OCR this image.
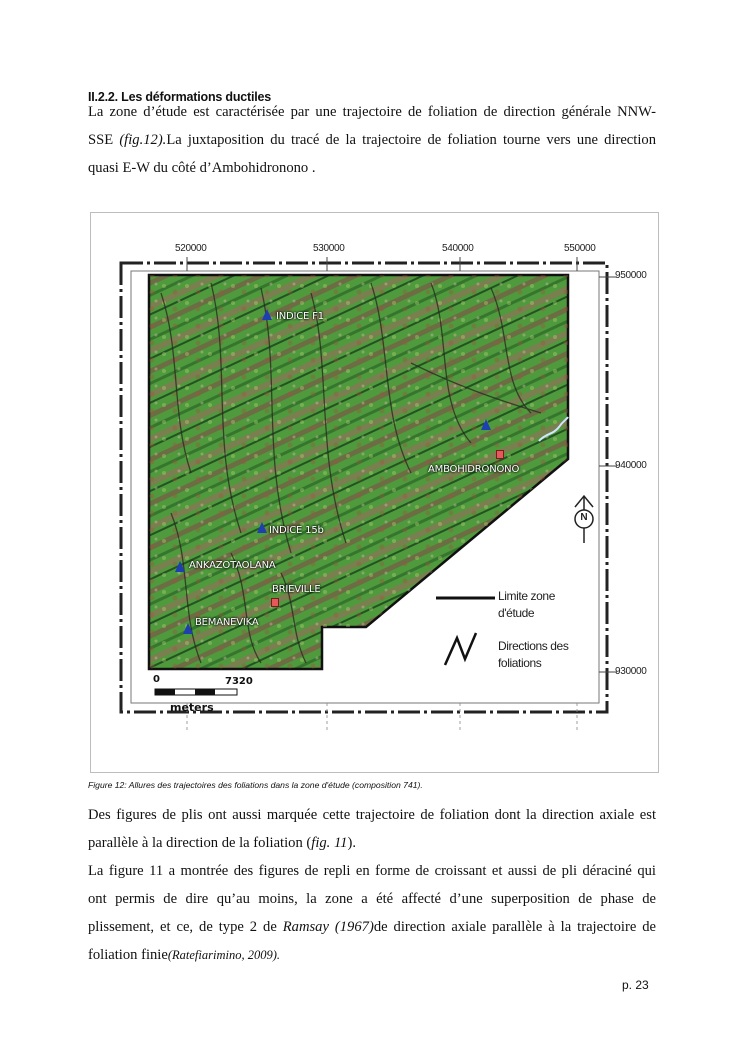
II.2.2. Les déformations ductiles
La zone d’étude est caractérisée par une trajectoire de foliation de direction générale NNW-
SSE (fig.12).La juxtaposition du tracé de la trajectoire de foliation tourne vers une direction
quasi E-W du côté d’Ambohidronono .
520000	530000	540000	550000
950000
940000
930000
INDICE F1
AMBOHIDRONONO
INDICE 15b
ANKAZOTAOLANA
BRIEVILLE
BEMANEVIKA
N
0	7320
meters
Limite zone
d'étude
Directions des
foliations
Figure 12: Allures des trajectoires des foliations dans la zone d'étude (composition 741).
Des figures de plis ont aussi marquée cette trajectoire de foliation dont la direction axiale est
parallèle à la direction de la foliation (fig. 11).
La figure 11 a montrée des figures de repli en forme de croissant et aussi de pli déraciné qui
ont permis de dire qu’au moins, la zone a été affecté d’une superposition de phase de
plissement, et ce, de type 2 de Ramsay (1967)de direction axiale parallèle à la trajectoire de
foliation finie(Ratefiarimino, 2009).
p. 23
